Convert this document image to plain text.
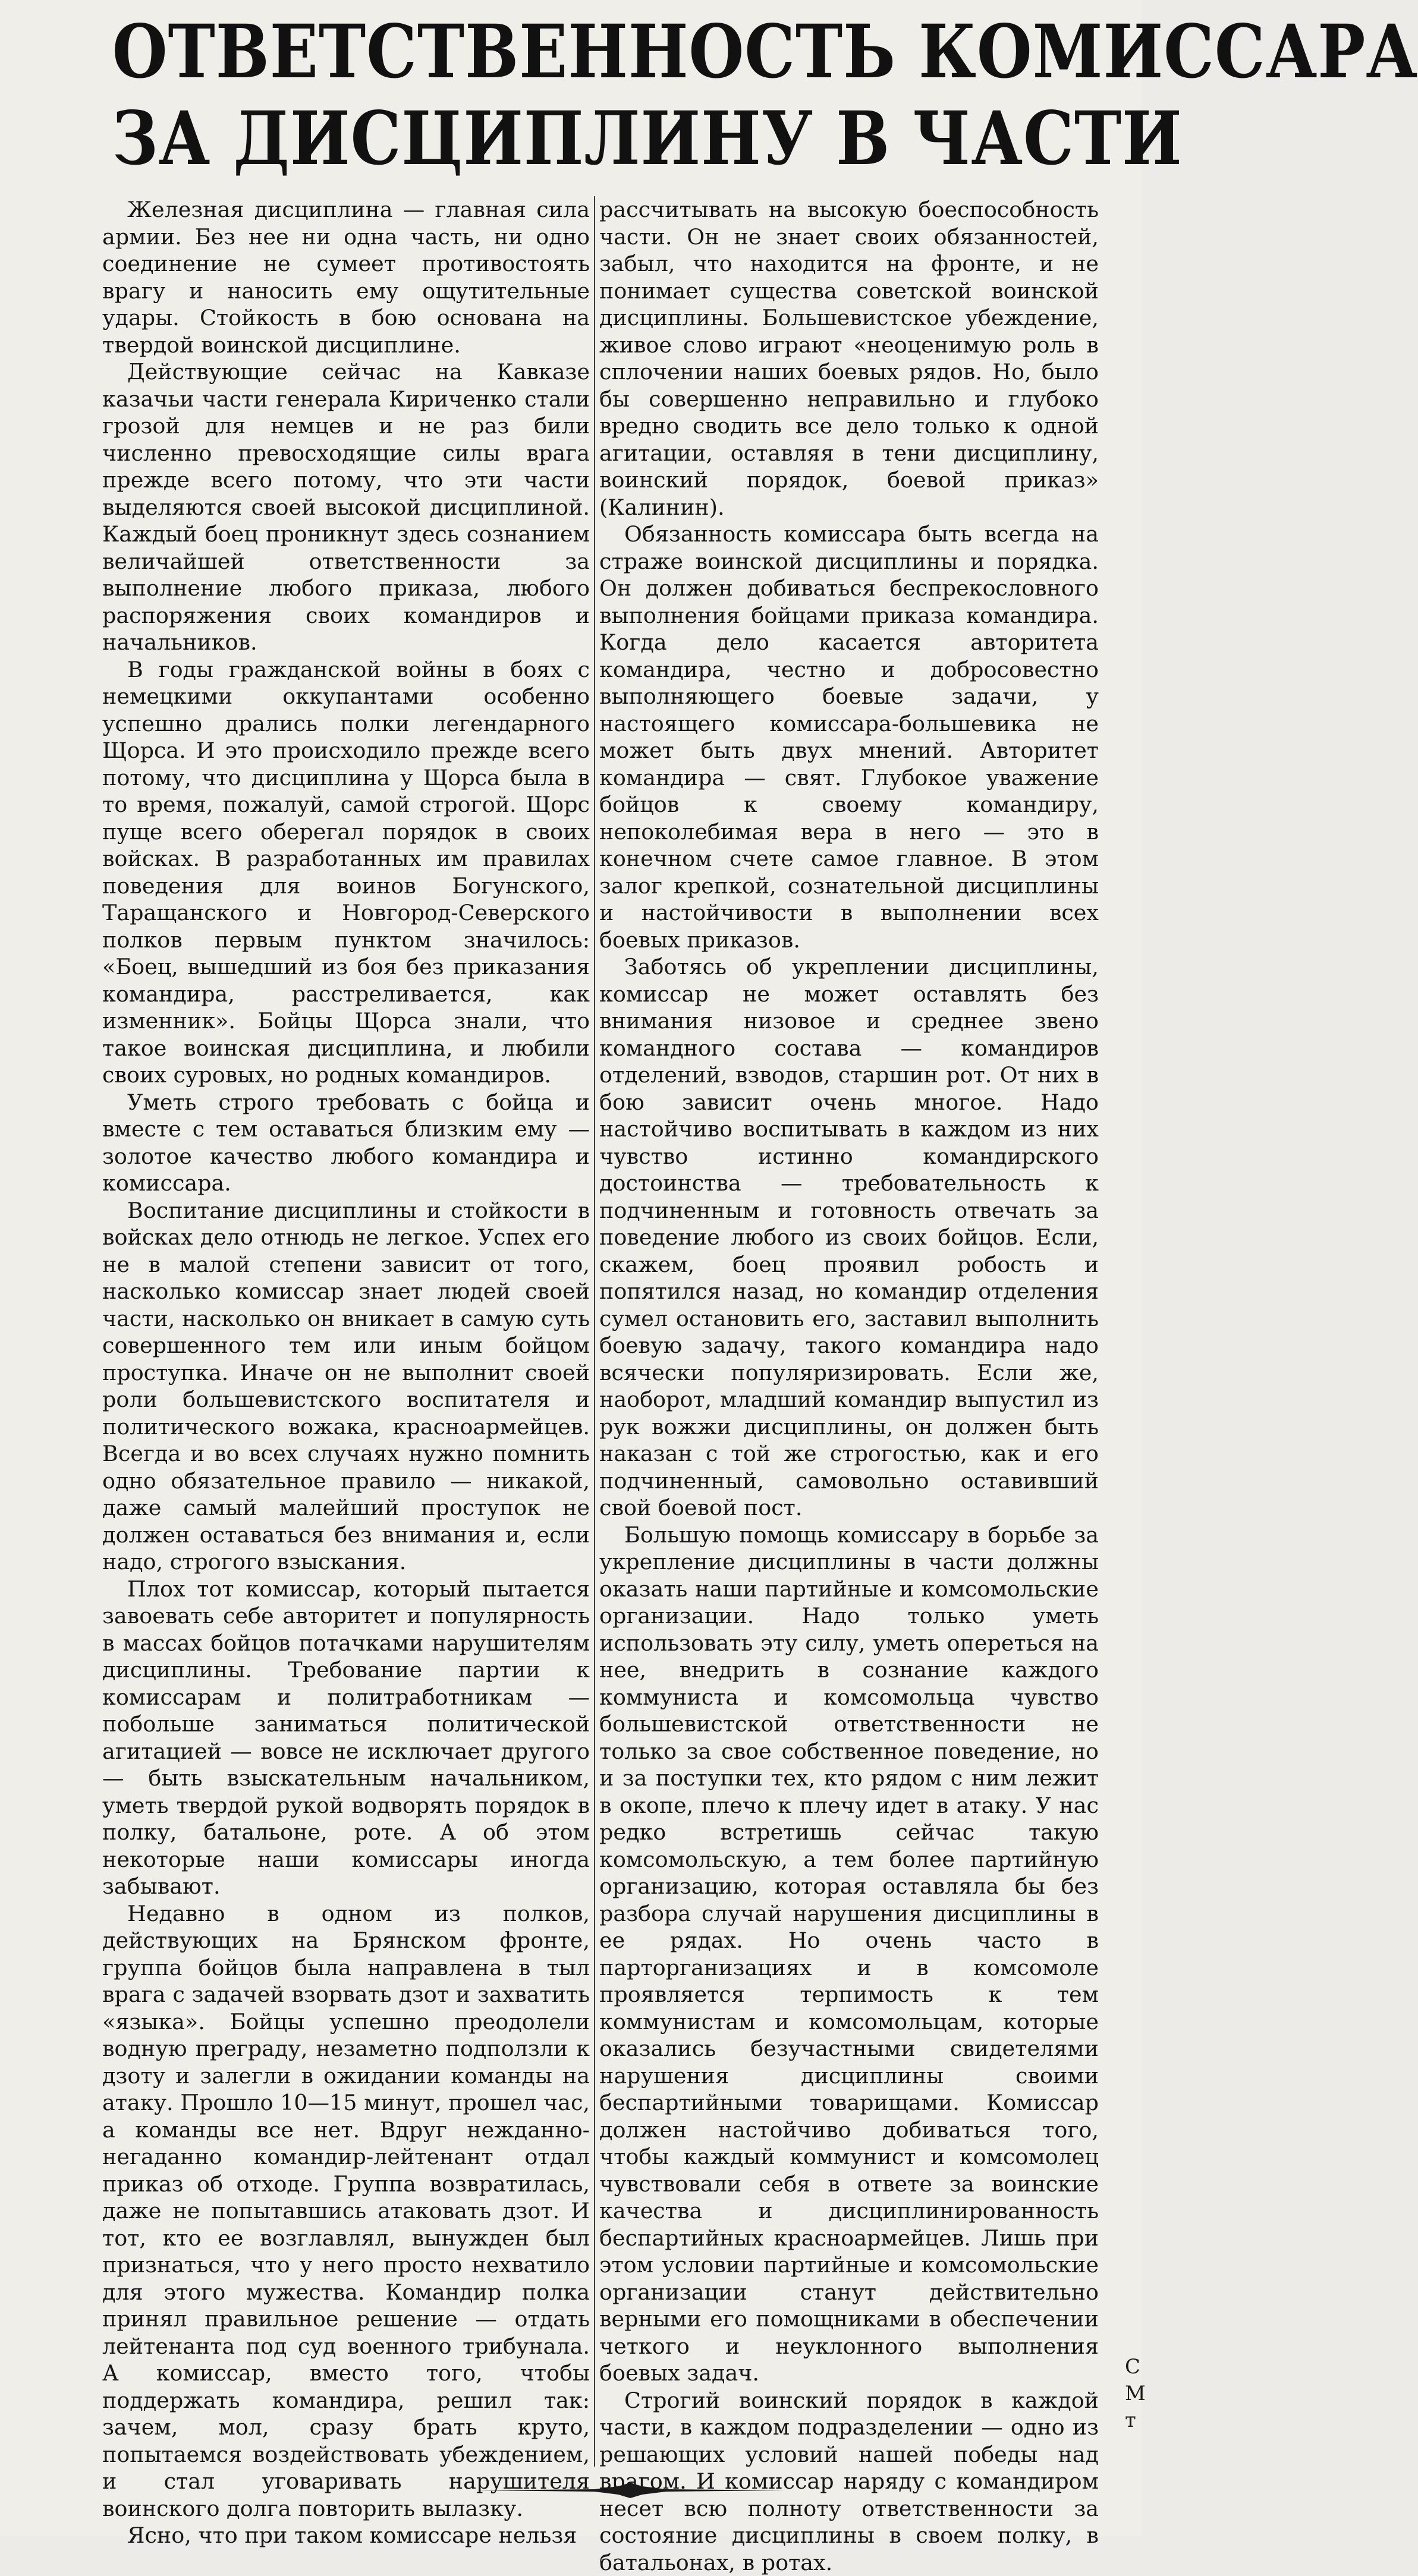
ОТВЕТСТВЕННОСТЬ КОМИССАРА
ЗА ДИСЦИПЛИНУ В ЧАСТИ

Железная дисциплина — главная сила армии. Без нее ни одна часть, ни одно соединение не сумеет противостоять врагу и наносить ему ощутительные удары. Стойкость в бою основана на твердой воинской дисциплине.

Действующие сейчас на Кавказе казачьи части генерала Кириченко стали грозой для немцев и не раз били численно превосходящие силы врага прежде всего потому, что эти части выделяются своей высокой дисциплиной. Каждый боец проникнут здесь сознанием величайшей ответственности за выполнение любого приказа, любого распоряжения своих командиров и начальников.

В годы гражданской войны в боях с немецкими оккупантами особенно успешно дрались полки легендарного Щорса. И это происходило прежде всего потому, что дисциплина у Щорса была в то время, пожалуй, самой строгой. Щорс пуще всего оберегал порядок в своих войсках. В разработанных им правилах поведения для воинов Богунского, Таращанского и Новгород-Северского полков первым пунктом значилось: «Боец, вышедший из боя без приказания командира, расстреливается, как изменник». Бойцы Щорса знали, что такое воинская дисциплина, и любили своих суровых, но родных командиров.

Уметь строго требовать с бойца и вместе с тем оставаться близким ему — золотое качество любого командира и комиссара.

Воспитание дисциплины и стойкости в войсках дело отнюдь не легкое. Успех его не в малой степени зависит от того, насколько комиссар знает людей своей части, насколько он вникает в самую суть совершенного тем или иным бойцом проступка. Иначе он не выполнит своей роли большевистского воспитателя и политического вожака, красноармейцев. Всегда и во всех случаях нужно помнить одно обязательное правило — никакой, даже самый малейший проступок не должен оставаться без внимания и, если надо, строгого взыскания.

Плох тот комиссар, который пытается завоевать себе авторитет и популярность в массах бойцов потачками нарушителям дисциплины. Требование партии к комиссарам и политработникам — побольше заниматься политической агитацией — вовсе не исключает другого — быть взыскательным начальником, уметь твердой рукой водворять порядок в полку, батальоне, роте. А об этом некоторые наши комиссары иногда забывают.

Недавно в одном из полков, действующих на Брянском фронте, группа бойцов была направлена в тыл врага с задачей взорвать дзот и захватить «языка». Бойцы успешно преодолели водную преграду, незаметно подползли к дзоту и залегли в ожидании команды на атаку. Прошло 10—15 минут, прошел час, а команды все нет. Вдруг нежданно-негаданно командир-лейтенант отдал приказ об отходе. Группа возвратилась, даже не попытавшись атаковать дзот. И тот, кто ее возглавлял, вынужден был признаться, что у него просто нехватило для этого мужества. Командир полка принял правильное решение — отдать лейтенанта под суд военного трибунала. А комиссар, вместо того, чтобы поддержать командира, решил так: зачем, мол, сразу брать круто, попытаемся воздействовать убеждением, и стал уговаривать нарушителя воинского долга повторить вылазку.

Ясно, что при таком комиссаре нельзя

рассчитывать на высокую боеспособность части. Он не знает своих обязанностей, забыл, что находится на фронте, и не понимает существа советской воинской дисциплины. Большевистское убеждение, живое слово играют «неоценимую роль в сплочении наших боевых рядов. Но, было бы совершенно неправильно и глубоко вредно сводить все дело только к одной агитации, оставляя в тени дисциплину, воинский порядок, боевой приказ» (Калинин).

Обязанность комиссара быть всегда на страже воинской дисциплины и порядка. Он должен добиваться беспрекословного выполнения бойцами приказа командира. Когда дело касается авторитета командира, честно и добросовестно выполняющего боевые задачи, у настоящего комиссара-большевика не может быть двух мнений. Авторитет командира — свят. Глубокое уважение бойцов к своему командиру, непоколебимая вера в него — это в конечном счете самое главное. В этом залог крепкой, сознательной дисциплины и настойчивости в выполнении всех боевых приказов.

Заботясь об укреплении дисциплины, комиссар не может оставлять без внимания низовое и среднее звено командного состава — командиров отделений, взводов, старшин рот. От них в бою зависит очень многое. Надо настойчиво воспитывать в каждом из них чувство истинно командирского достоинства — требовательность к подчиненным и готовность отвечать за поведение любого из своих бойцов. Если, скажем, боец проявил робость и попятился назад, но командир отделения сумел остановить его, заставил выполнить боевую задачу, такого командира надо всячески популяризировать. Если же, наоборот, младший командир выпустил из рук вожжи дисциплины, он должен быть наказан с той же строгостью, как и его подчиненный, самовольно оставивший свой боевой пост.

Большую помощь комиссару в борьбе за укрепление дисциплины в части должны оказать наши партийные и комсомольские организации. Надо только уметь использовать эту силу, уметь опереться на нее, внедрить в сознание каждого коммуниста и комсомольца чувство большевистской ответственности не только за свое собственное поведение, но и за поступки тех, кто рядом с ним лежит в окопе, плечо к плечу идет в атаку. У нас редко встретишь сейчас такую комсомольскую, а тем более партийную организацию, которая оставляла бы без разбора случай нарушения дисциплины в ее рядах. Но очень часто в парторганизациях и в комсомоле проявляется терпимость к тем коммунистам и комсомольцам, которые оказались безучастными свидетелями нарушения дисциплины своими беспартийными товарищами. Комиссар должен настойчиво добиваться того, чтобы каждый коммунист и комсомолец чувствовали себя в ответе за воинские качества и дисциплинированность беспартийных красноармейцев. Лишь при этом условии партийные и комсомольские организации станут действительно верными его помощниками в обеспечении четкого и неуклонного выполнения боевых задач.

Строгий воинский порядок в каждой части, в каждом подразделении — одно из решающих условий нашей победы над врагом. И комиссар наряду с командиром несет всю полноту ответственности за состояние дисциплины в своем полку, в батальонах, в ротах.

С
М
т
